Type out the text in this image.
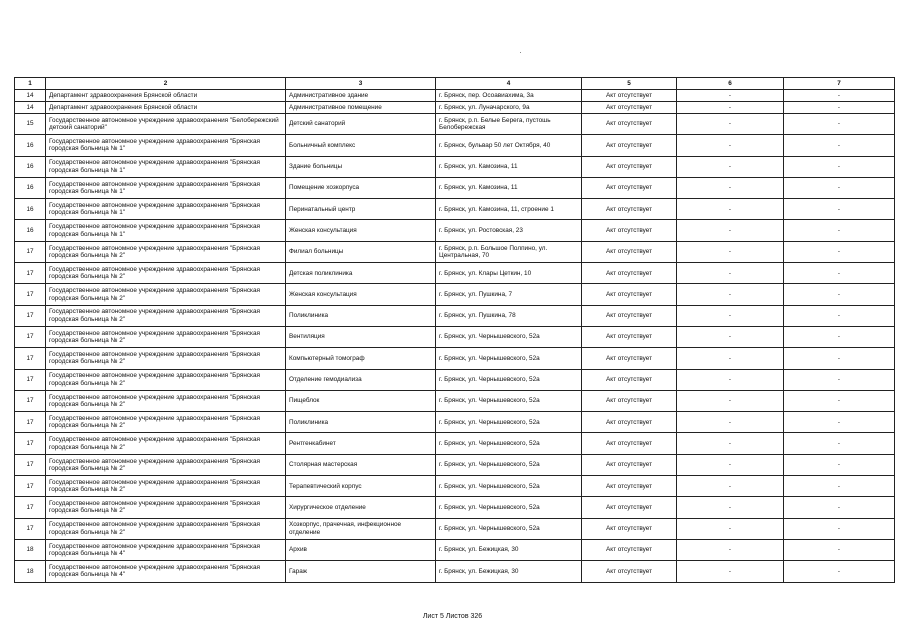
1	2	3	4	5	6	7
14	Департамент здравоохранения Брянской области	Административное здание	г. Брянск, пер. Осоавиахима, 3а	Акт отсутствует	-	-
14	Департамент здравоохранения Брянской области	Административное помещение	г. Брянск, ул. Луначарского, 9а	Акт отсутствует	-	-
15	Государственное автономное учреждение здравоохранения "Белобережский детский санаторий"	Детский санаторий	г. Брянск, р.п. Белые Берега, пустошь Белобережская	Акт отсутствует	-	-
16	Государственное автономное учреждение здравоохранения "Брянская городская больница № 1"	Больничный комплекс	г. Брянск, бульвар 50 лет Октября, 40	Акт отсутствует	-	-
16	Государственное автономное учреждение здравоохранения "Брянская городская больница № 1"	Здание больницы	г. Брянск, ул. Камозина, 11	Акт отсутствует	-	-
16	Государственное автономное учреждение здравоохранения "Брянская городская больница № 1"	Помещение хозкорпуса	г. Брянск, ул. Камозина, 11	Акт отсутствует	-	-
16	Государственное автономное учреждение здравоохранения "Брянская городская больница № 1"	Перинатальный центр	г. Брянск, ул. Камозина, 11, строение 1	Акт отсутствует	-	-
16	Государственное автономное учреждение здравоохранения "Брянская городская больница № 1"	Женская консультация	г. Брянск, ул. Ростовская, 23	Акт отсутствует	-	-
17	Государственное автономное учреждение здравоохранения "Брянская городская больница № 2"	Филиал больницы	г. Брянск, р.п. Большое Полпино, ул. Центральная, 70	Акт отсутствует	-	-
17	Государственное автономное учреждение здравоохранения "Брянская городская больница № 2"	Детская поликлиника	г. Брянск, ул. Клары Цеткин, 10	Акт отсутствует	-	-
17	Государственное автономное учреждение здравоохранения "Брянская городская больница № 2"	Женская консультация	г. Брянск, ул. Пушкина, 7	Акт отсутствует	-	-
17	Государственное автономное учреждение здравоохранения "Брянская городская больница № 2"	Поликлиника	г. Брянск, ул. Пушкина, 78	Акт отсутствует	-	-
17	Государственное автономное учреждение здравоохранения "Брянская городская больница № 2"	Вентиляция	г. Брянск, ул. Чернышевского, 52а	Акт отсутствует	-	-
17	Государственное автономное учреждение здравоохранения "Брянская городская больница № 2"	Компьютерный томограф	г. Брянск, ул. Чернышевского, 52а	Акт отсутствует	-	-
17	Государственное автономное учреждение здравоохранения "Брянская городская больница № 2"	Отделение гемодиализа	г. Брянск, ул. Чернышевского, 52а	Акт отсутствует	-	-
17	Государственное автономное учреждение здравоохранения "Брянская городская больница № 2"	Пищеблок	г. Брянск, ул. Чернышевского, 52а	Акт отсутствует	-	-
17	Государственное автономное учреждение здравоохранения "Брянская городская больница № 2"	Поликлиника	г. Брянск, ул. Чернышевского, 52а	Акт отсутствует	-	-
17	Государственное автономное учреждение здравоохранения "Брянская городская больница № 2"	Рентгенкабинет	г. Брянск, ул. Чернышевского, 52а	Акт отсутствует	-	-
17	Государственное автономное учреждение здравоохранения "Брянская городская больница № 2"	Столярная мастерская	г. Брянск, ул. Чернышевского, 52а	Акт отсутствует	-	-
17	Государственное автономное учреждение здравоохранения "Брянская городская больница № 2"	Терапевтический корпус	г. Брянск, ул. Чернышевского, 52а	Акт отсутствует	-	-
17	Государственное автономное учреждение здравоохранения "Брянская городская больница № 2"	Хирургическое отделение	г. Брянск, ул. Чернышевского, 52а	Акт отсутствует	-	-
17	Государственное автономное учреждение здравоохранения "Брянская городская больница № 2"	Хозкорпус, прачечная, инфекционное отделение	г. Брянск, ул. Чернышевского, 52а	Акт отсутствует	-	-
18	Государственное автономное учреждение здравоохранения "Брянская городская больница № 4"	Архив	г. Брянск, ул. Бежицкая, 30	Акт отсутствует	-	-
18	Государственное автономное учреждение здравоохранения "Брянская городская больница № 4"	Гараж	г. Брянск, ул. Бежицкая, 30	Акт отсутствует	-	-
Лист 5 Листов 326
